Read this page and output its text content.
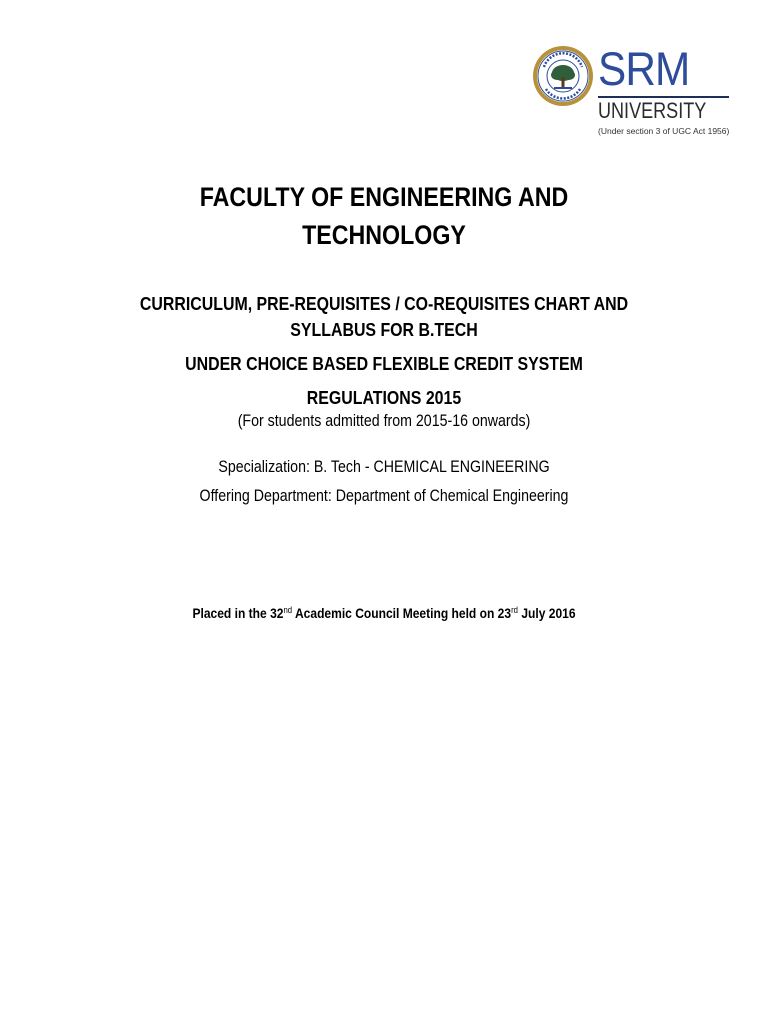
SRM
UNIVERSITY
(Under section 3 of UGC Act 1956)
FACULTY OF ENGINEERING AND
TECHNOLOGY
CURRICULUM, PRE-REQUISITES / CO-REQUISITES CHART AND
SYLLABUS FOR B.TECH
UNDER CHOICE BASED FLEXIBLE CREDIT SYSTEM
REGULATIONS 2015
(For students admitted from 2015-16 onwards)
Specialization: B. Tech - CHEMICAL ENGINEERING
Offering Department: Department of Chemical Engineering
Placed in the 32nd Academic Council Meeting held on 23rd July 2016
